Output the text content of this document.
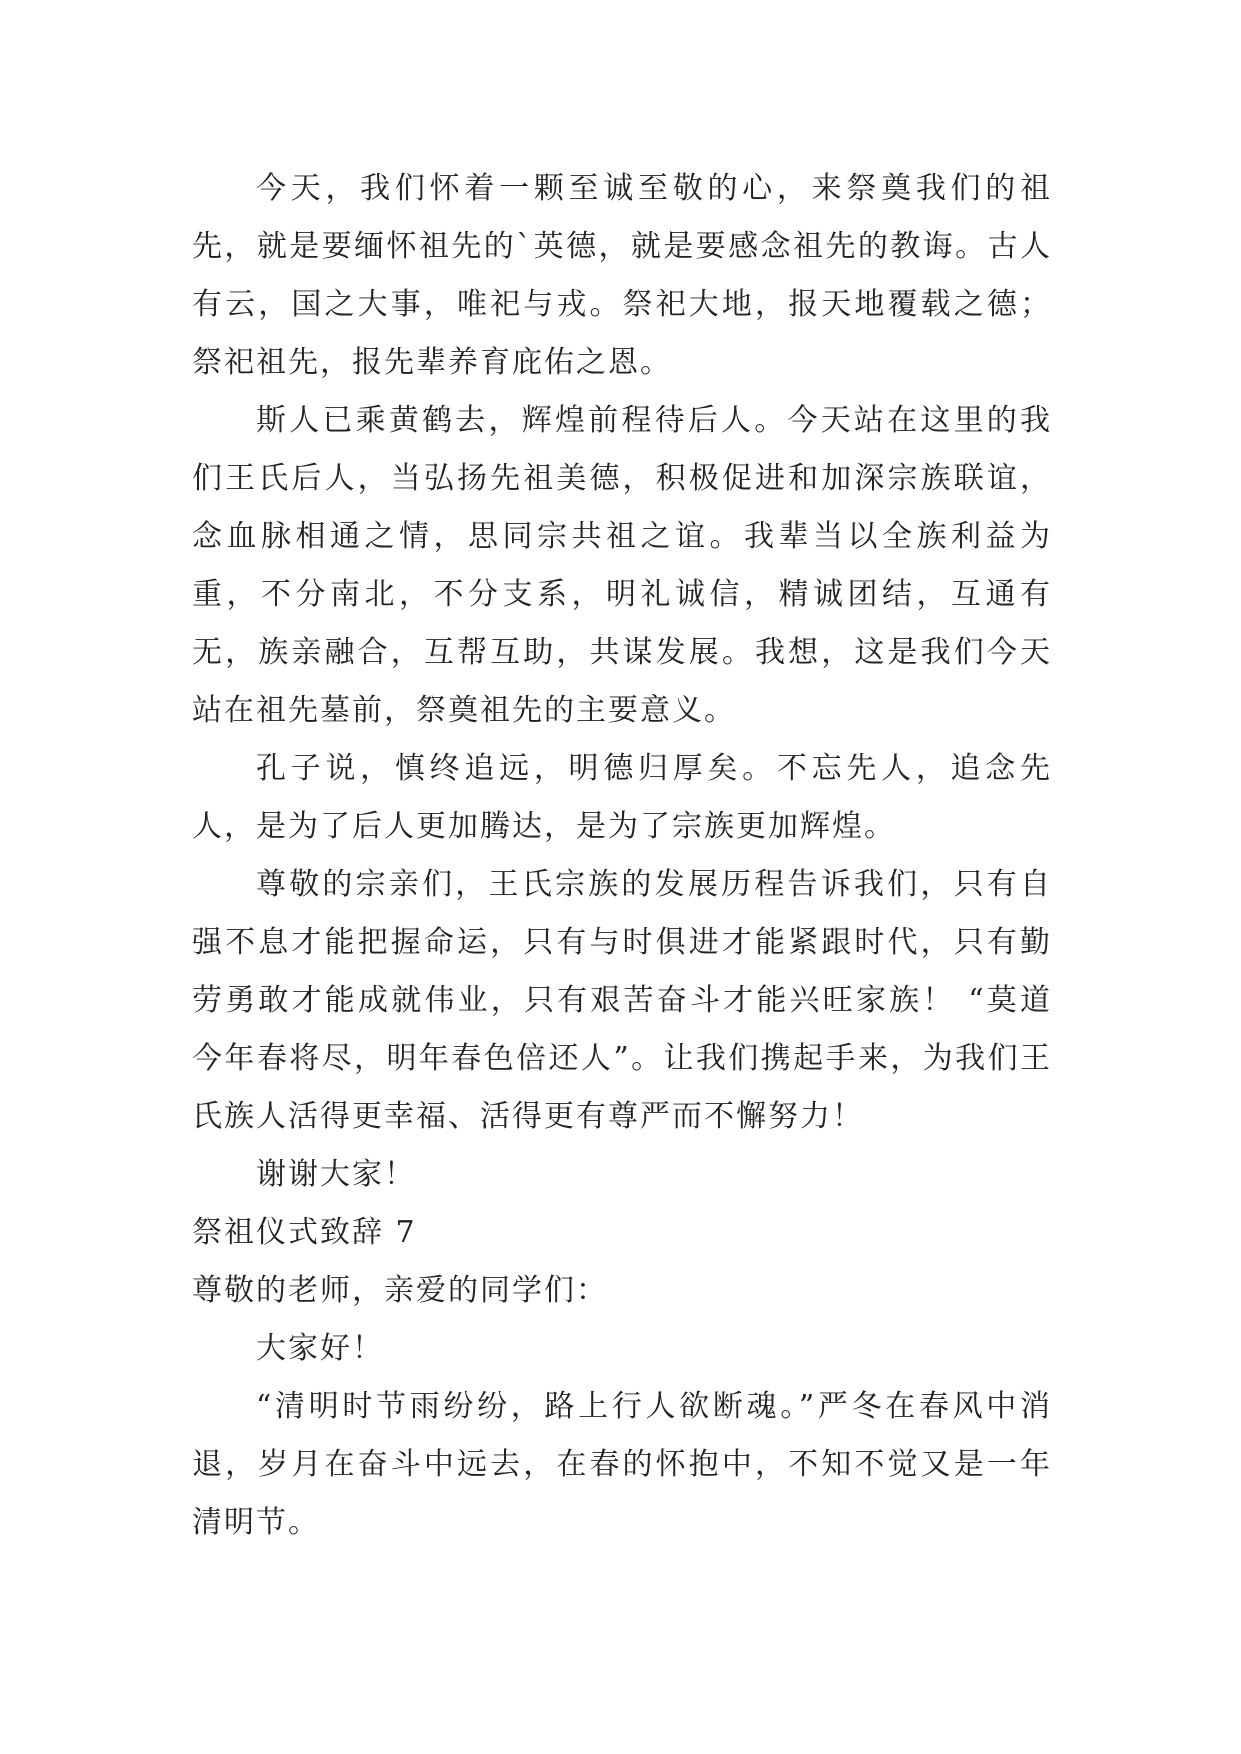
今天，我们怀着一颗至诚至敬的心，来祭奠我们的祖先，就是要缅怀祖先的`英德，就是要感念祖先的教诲。古人有云，国之大事，唯祀与戎。祭祀大地，报天地覆载之德；祭祀祖先，报先辈养育庇佑之恩。

斯人已乘黄鹤去，辉煌前程待后人。今天站在这里的我们王氏后人，当弘扬先祖美德，积极促进和加深宗族联谊，念血脉相通之情，思同宗共祖之谊。我辈当以全族利益为重，不分南北，不分支系，明礼诚信，精诚团结，互通有无，族亲融合，互帮互助，共谋发展。我想，这是我们今天站在祖先墓前，祭奠祖先的主要意义。

孔子说，慎终追远，明德归厚矣。不忘先人，追念先人，是为了后人更加腾达，是为了宗族更加辉煌。

尊敬的宗亲们，王氏宗族的发展历程告诉我们，只有自强不息才能把握命运，只有与时俱进才能紧跟时代，只有勤劳勇敢才能成就伟业，只有艰苦奋斗才能兴旺家族！ “莫道今年春将尽，明年春色倍还人”。让我们携起手来，为我们王氏族人活得更幸福、活得更有尊严而不懈努力！

谢谢大家！

祭祖仪式致辞 7

尊敬的老师，亲爱的同学们：

大家好！

“清明时节雨纷纷，路上行人欲断魂。”严冬在春风中消退，岁月在奋斗中远去，在春的怀抱中，不知不觉又是一年清明节。
